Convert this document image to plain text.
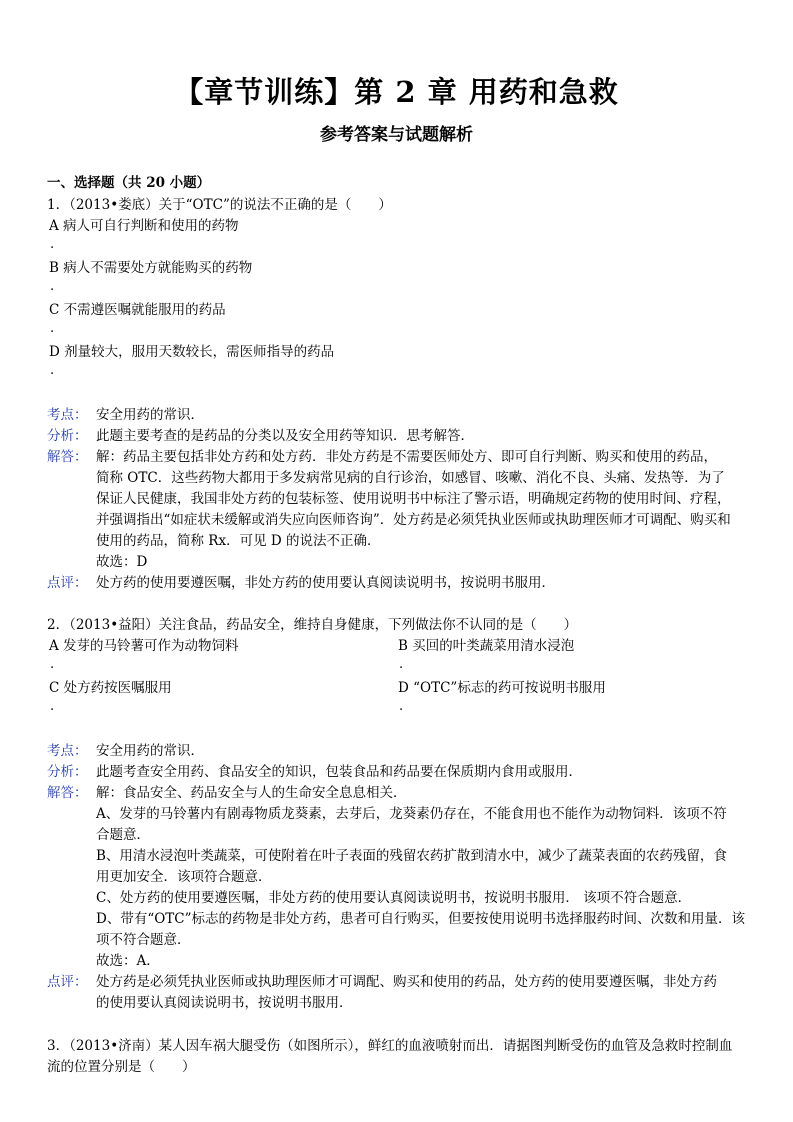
【章节训练】第 2 章 用药和急救
参考答案与试题解析
一、选择题（共 20 小题）
1．（2013•娄底）关于“OTC”的说法不正确的是（　　）
A 病人可自行判断和使用的药物
.
B 病人不需要处方就能购买的药物
.
C 不需遵医嘱就能服用的药品
.
D 剂量较大，服用天数较长，需医师指导的药品
.
考点： 安全用药的常识．
分析： 此题主要考查的是药品的分类以及安全用药等知识．思考解答．
解答： 解：药品主要包括非处方药和处方药．非处方药是不需要医师处方、即可自行判断、购买和使用的药品，
简称 OTC．这些药物大都用于多发病常见病的自行诊治，如感冒、咳嗽、消化不良、头痛、发热等．为了
保证人民健康，我国非处方药的包装标签、使用说明书中标注了警示语，明确规定药物的使用时间、疗程，
并强调指出“如症状未缓解或消失应向医师咨询”．处方药是必须凭执业医师或执助理医师才可调配、购买和
使用的药品，简称 Rx．可见 D 的说法不正确．
故选：D
点评： 处方药的使用要遵医嘱，非处方药的使用要认真阅读说明书，按说明书服用．
2．（2013•益阳）关注食品，药品安全，维持自身健康，下列做法你不认同的是（　　）
A 发芽的马铃薯可作为动物饲料	B 买回的叶类蔬菜用清水浸泡
.	.
C 处方药按医嘱服用	D “OTC”标志的药可按说明书服用
.	.
考点： 安全用药的常识．
分析： 此题考查安全用药、食品安全的知识，包装食品和药品要在保质期内食用或服用．
解答： 解：食品安全、药品安全与人的生命安全息息相关．
A、发芽的马铃薯内有剧毒物质龙葵素，去芽后，龙葵素仍存在，不能食用也不能作为动物饲料．该项不符
合题意．
B、用清水浸泡叶类蔬菜，可使附着在叶子表面的残留农药扩散到清水中，减少了蔬菜表面的农药残留，食
用更加安全．该项符合题意．
C、处方药的使用要遵医嘱，非处方药的使用要认真阅读说明书，按说明书服用． 该项不符合题意．
D、带有“OTC”标志的药物是非处方药，患者可自行购买，但要按使用说明书选择服药时间、次数和用量．该
项不符合题意．
故选：A．
点评： 处方药是必须凭执业医师或执助理医师才可调配、购买和使用的药品，处方药的使用要遵医嘱，非处方药
的使用要认真阅读说明书，按说明书服用．
3．（2013•济南）某人因车祸大腿受伤（如图所示），鲜红的血液喷射而出．请据图判断受伤的血管及急救时控制血
流的位置分别是（　　）
